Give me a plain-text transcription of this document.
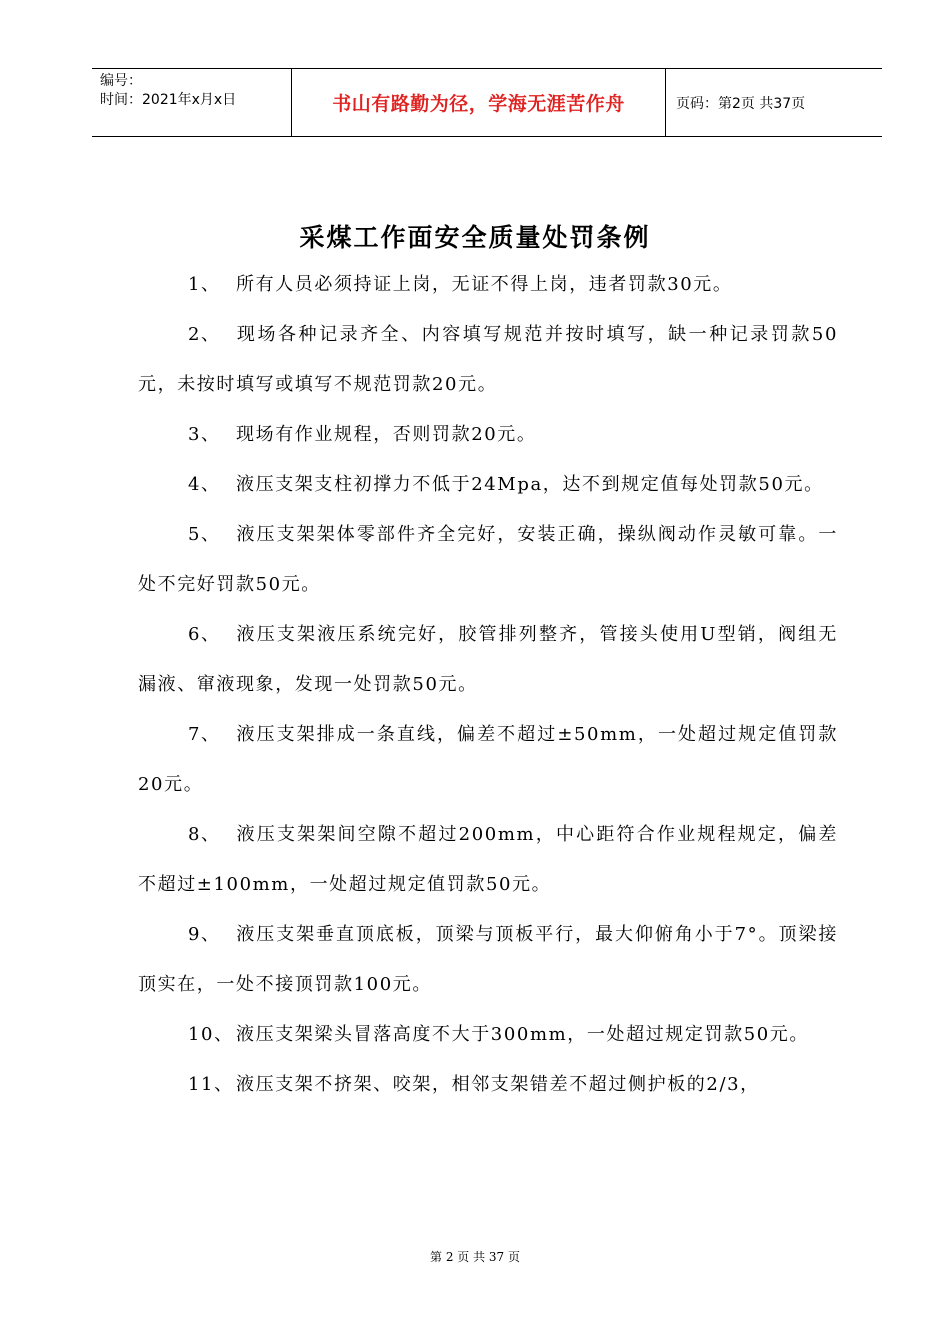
编号：
时间：2021年x月x日	书山有路勤为径，学海无涯苦作舟	页码：第2页 共37页
采煤工作面安全质量处罚条例

1、 所有人员必须持证上岗，无证不得上岗，违者罚款30元。

2、 现场各种记录齐全、内容填写规范并按时填写，缺一种记录罚款50元，未按时填写或填写不规范罚款20元。

3、 现场有作业规程，否则罚款20元。

4、 液压支架支柱初撑力不低于24Mpa，达不到规定值每处罚款50元。

5、 液压支架架体零部件齐全完好，安装正确，操纵阀动作灵敏可靠。一处不完好罚款50元。

6、 液压支架液压系统完好，胶管排列整齐，管接头使用U型销，阀组无漏液、窜液现象，发现一处罚款50元。

7、 液压支架排成一条直线，偏差不超过±50mm，一处超过规定值罚款20元。

8、 液压支架架间空隙不超过200mm，中心距符合作业规程规定，偏差不超过±100mm，一处超过规定值罚款50元。

9、 液压支架垂直顶底板，顶梁与顶板平行，最大仰俯角小于7°。顶梁接顶实在，一处不接顶罚款100元。

10、 液压支架梁头冒落高度不大于300mm，一处超过规定罚款50元。

11、 液压支架不挤架、咬架，相邻支架错差不超过侧护板的2/3，

第 2 页 共 37 页
